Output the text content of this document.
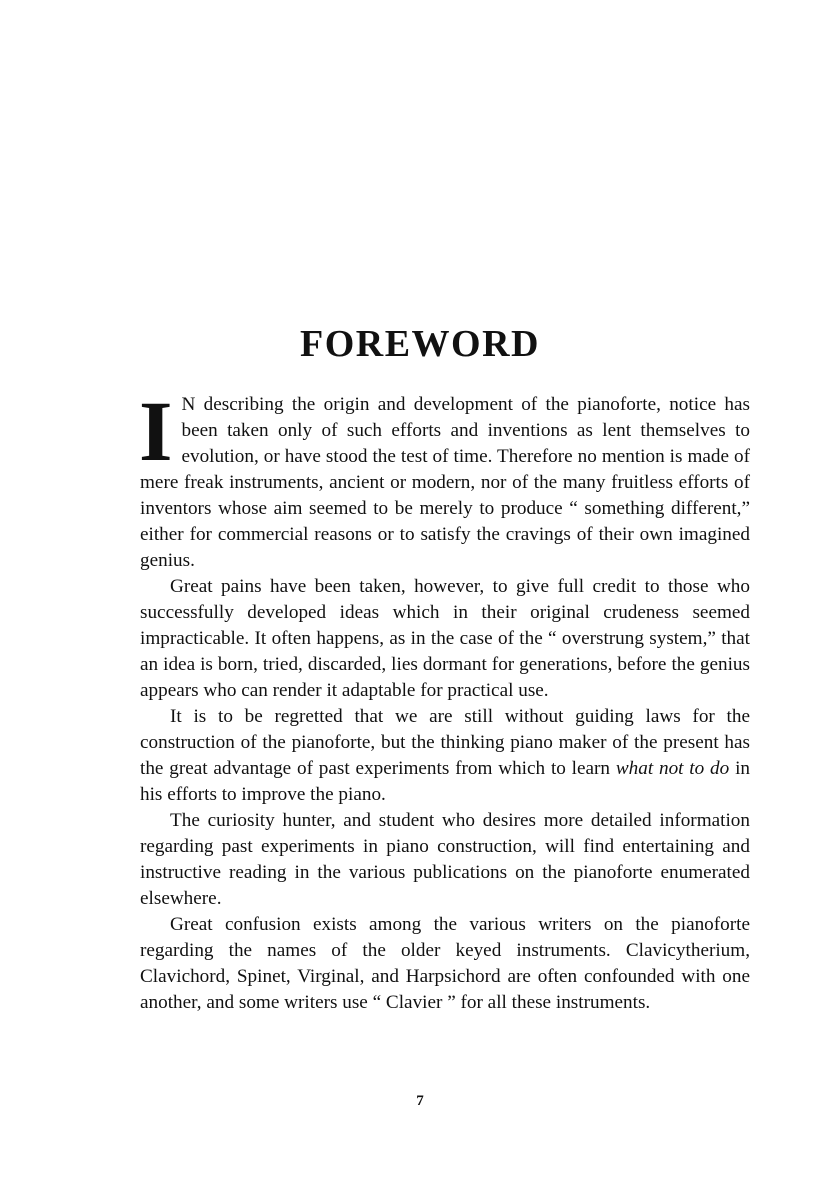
FOREWORD

I N describing the origin and development of the pianoforte, notice has been taken only of such efforts and inventions as lent themselves to evolution, or have stood the test of time. Therefore no mention is made of mere freak instruments, ancient or modern, nor of the many fruitless efforts of inventors whose aim seemed to be merely to produce “ something different,” either for commercial reasons or to satisfy the cravings of their own imagined genius.

Great pains have been taken, however, to give full credit to those who successfully developed ideas which in their original crudeness seemed impracticable. It often happens, as in the case of the “ overstrung system,” that an idea is born, tried, discarded, lies dormant for generations, before the genius appears who can render it adaptable for practical use.

It is to be regretted that we are still without guiding laws for the construction of the pianoforte, but the thinking piano maker of the present has the great advantage of past experiments from which to learn what not to do in his efforts to improve the piano.

The curiosity hunter, and student who desires more detailed information regarding past experiments in piano construction, will find entertaining and instructive reading in the various publications on the pianoforte enumerated elsewhere.

Great confusion exists among the various writers on the pianoforte regarding the names of the older keyed instruments. Clavicytherium, Clavichord, Spinet, Virginal, and Harpsichord are often confounded with one another, and some writers use “ Clavier ” for all these instruments.

7
